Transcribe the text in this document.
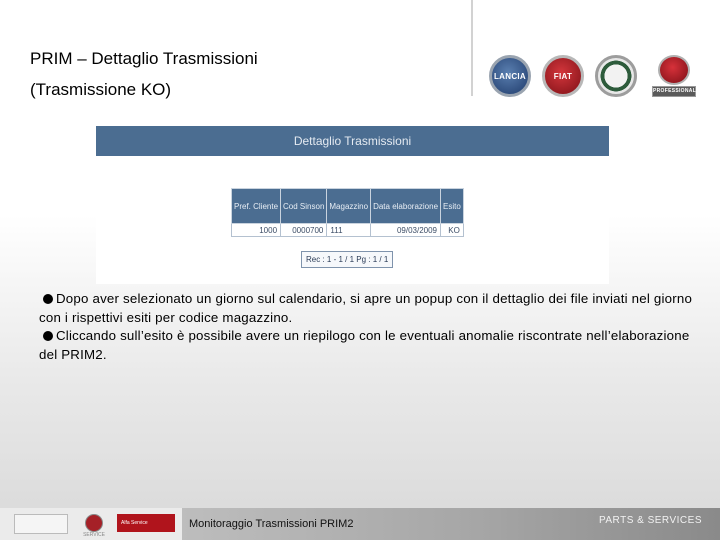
PRIM – Dettaglio Trasmissioni
(Trasmissione KO)
LANCIA	FIAT
PROFESSIONAL
Dettaglio Trasmissioni
Pref. Cliente	Cod Sinson	Magazzino	Data elaborazione	Esito
1000	0000700	111	09/03/2009	KO
Rec : 1 - 1 / 1 Pg : 1 / 1

Dopo aver selezionato un giorno sul calendario, si apre un popup con il dettaglio dei file inviati nel giorno con i rispettivi esiti per codice magazzino.

Cliccando sull’esito è possibile avere un riepilogo con le eventuali anomalie riscontrate nell’elaborazione del PRIM2.

SERVICE
Alfa Service	Monitoraggio Trasmissioni PRIM2	PARTS & SERVICES
